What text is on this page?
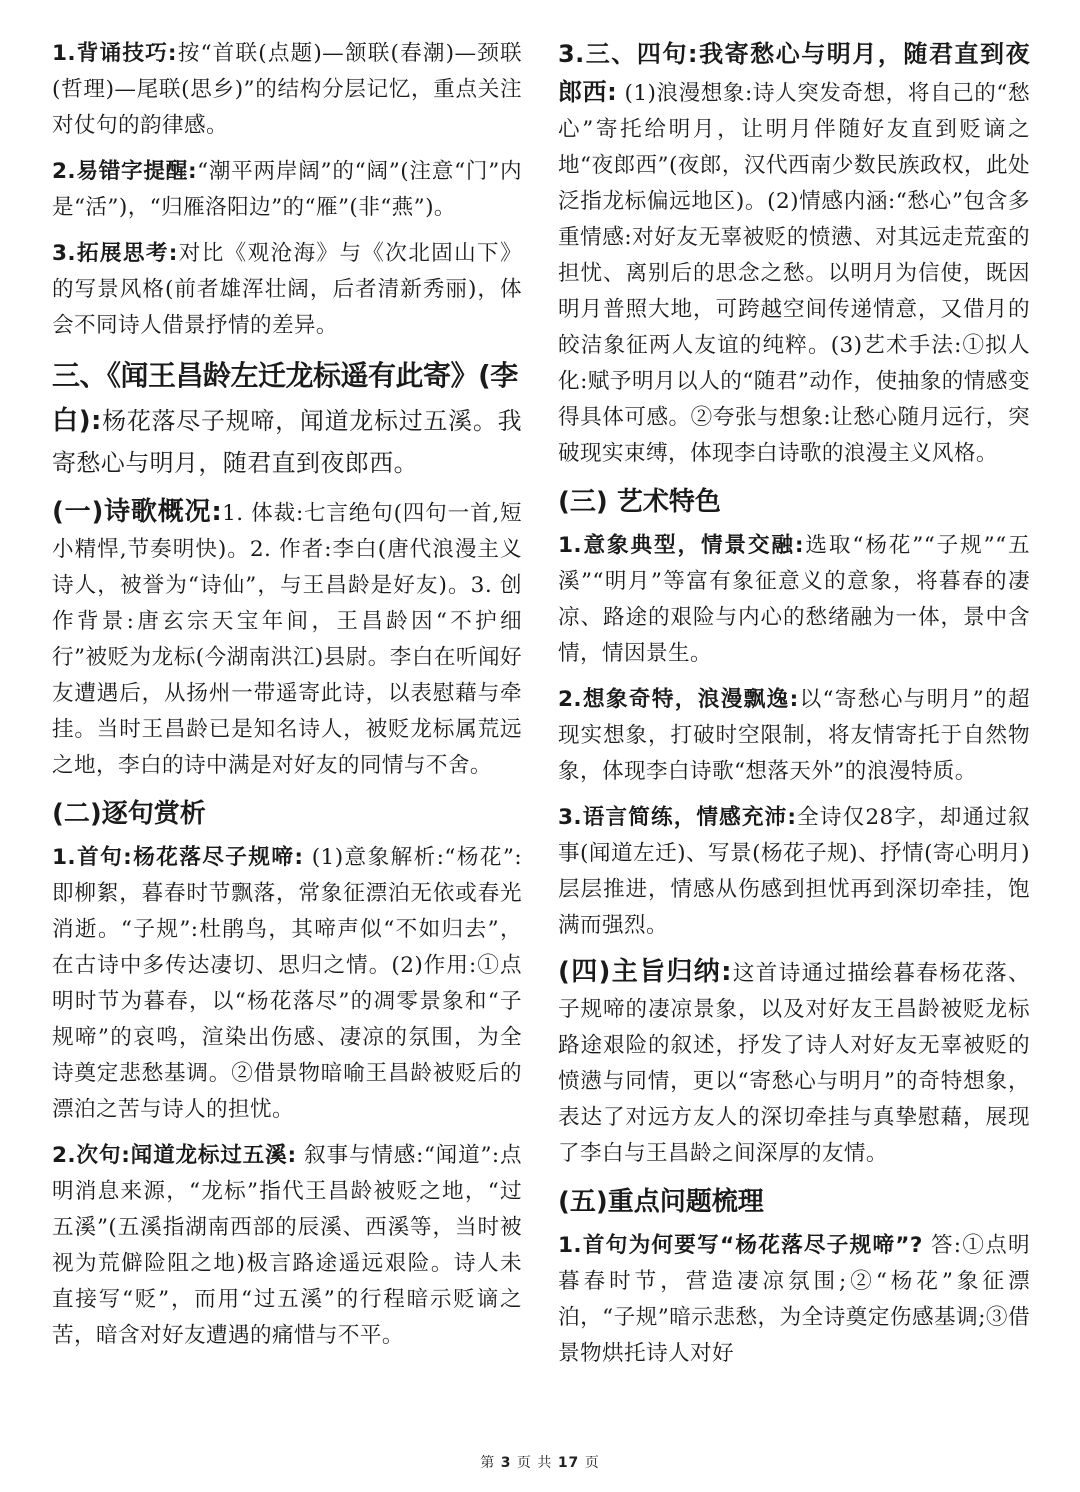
1.背诵技巧:按“首联(点题)—颔联(春潮)—颈联(哲理)—尾联(思乡)”的结构分层记忆，重点关注对仗句的韵律感。

2.易错字提醒:“潮平两岸阔”的“阔”(注意“门”内是“活”)，“归雁洛阳边”的“雁”(非“燕”)。

3.拓展思考:对比《观沧海》与《次北固山下》的写景风格(前者雄浑壮阔，后者清新秀丽)，体会不同诗人借景抒情的差异。

三、《闻王昌龄左迁龙标遥有此寄》(李

白):杨花落尽子规啼，闻道龙标过五溪。我寄愁心与明月，随君直到夜郎西。

(一)诗歌概况:1. 体裁:七言绝句(四句一首,短小精悍,节奏明快)。2. 作者:李白(唐代浪漫主义诗人，被誉为“诗仙”，与王昌龄是好友)。3. 创作背景:唐玄宗天宝年间，王昌龄因“不护细行”被贬为龙标(今湖南洪江)县尉。李白在听闻好友遭遇后，从扬州一带遥寄此诗，以表慰藉与牵挂。当时王昌龄已是知名诗人，被贬龙标属荒远之地，李白的诗中满是对好友的同情与不舍。

(二)逐句赏析

1.首句:杨花落尽子规啼: (1)意象解析:“杨花”:即柳絮，暮春时节飘落，常象征漂泊无依或春光消逝。“子规”:杜鹃鸟，其啼声似“不如归去”，在古诗中多传达凄切、思归之情。(2)作用:①点明时节为暮春，以“杨花落尽”的凋零景象和“子规啼”的哀鸣，渲染出伤感、凄凉的氛围，为全诗奠定悲愁基调。②借景物暗喻王昌龄被贬后的漂泊之苦与诗人的担忧。

2.次句:闻道龙标过五溪: 叙事与情感:“闻道”:点明消息来源，“龙标”指代王昌龄被贬之地，“过五溪”(五溪指湖南西部的辰溪、西溪等，当时被视为荒僻险阻之地)极言路途遥远艰险。诗人未直接写“贬”，而用“过五溪”的行程暗示贬谪之苦，暗含对好友遭遇的痛惜与不平。

3.三、四句:我寄愁心与明月，随君直到夜郎西: (1)浪漫想象:诗人突发奇想，将自己的“愁心”寄托给明月，让明月伴随好友直到贬谪之地“夜郎西”(夜郎，汉代西南少数民族政权，此处泛指龙标偏远地区)。(2)情感内涵:“愁心”包含多重情感:对好友无辜被贬的愤懑、对其远走荒蛮的担忧、离别后的思念之愁。以明月为信使，既因明月普照大地，可跨越空间传递情意，又借月的皎洁象征两人友谊的纯粹。(3)艺术手法:①拟人化:赋予明月以人的“随君”动作，使抽象的情感变得具体可感。②夸张与想象:让愁心随月远行，突破现实束缚，体现李白诗歌的浪漫主义风格。

(三) 艺术特色

1.意象典型，情景交融:选取“杨花”“子规”“五溪”“明月”等富有象征意义的意象，将暮春的凄凉、路途的艰险与内心的愁绪融为一体，景中含情，情因景生。

2.想象奇特，浪漫飘逸:以“寄愁心与明月”的超现实想象，打破时空限制，将友情寄托于自然物象，体现李白诗歌“想落天外”的浪漫特质。

3.语言简练，情感充沛:全诗仅28字，却通过叙事(闻道左迁)、写景(杨花子规)、抒情(寄心明月)层层推进，情感从伤感到担忧再到深切牵挂，饱满而强烈。

(四)主旨归纳:这首诗通过描绘暮春杨花落、子规啼的凄凉景象，以及对好友王昌龄被贬龙标路途艰险的叙述，抒发了诗人对好友无辜被贬的愤懑与同情，更以“寄愁心与明月”的奇特想象，表达了对远方友人的深切牵挂与真挚慰藉，展现了李白与王昌龄之间深厚的友情。

(五)重点问题梳理

1.首句为何要写“杨花落尽子规啼”? 答:①点明暮春时节，营造凄凉氛围;②“杨花”象征漂泊，“子规”暗示悲愁，为全诗奠定伤感基调;③借景物烘托诗人对好

第 3 页 共 17 页
